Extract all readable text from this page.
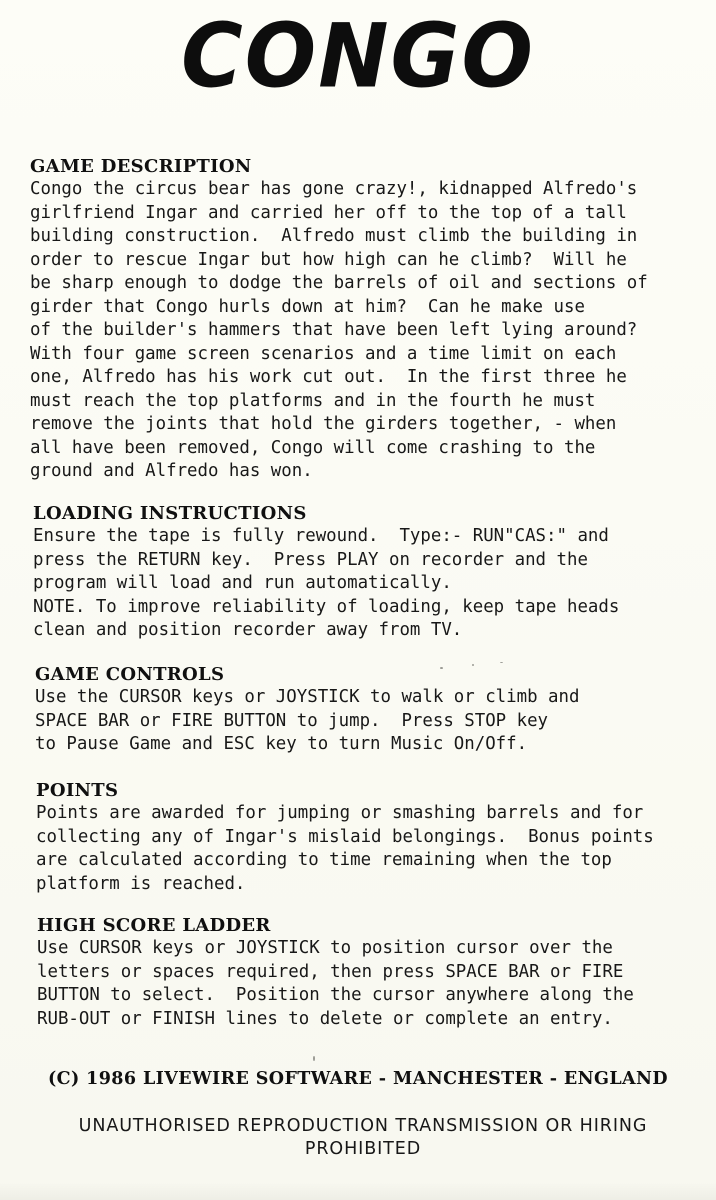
CONGO
GAME DESCRIPTION
Congo the circus bear has gone crazy!, kidnapped Alfredo's
girlfriend Ingar and carried her off to the top of a tall
building construction.  Alfredo must climb the building in
order to rescue Ingar but how high can he climb?  Will he
be sharp enough to dodge the barrels of oil and sections of
girder that Congo hurls down at him?  Can he make use
of the builder's hammers that have been left lying around?
With four game screen scenarios and a time limit on each
one, Alfredo has his work cut out.  In the first three he
must reach the top platforms and in the fourth he must
remove the joints that hold the girders together, - when
all have been removed, Congo will come crashing to the
ground and Alfredo has won.
LOADING INSTRUCTIONS
Ensure the tape is fully rewound.  Type:- RUN"CAS:" and
press the RETURN key.  Press PLAY on recorder and the
program will load and run automatically.
NOTE. To improve reliability of loading, keep tape heads
clean and position recorder away from TV.
GAME CONTROLS
Use the CURSOR keys or JOYSTICK to walk or climb and
SPACE BAR or FIRE BUTTON to jump.  Press STOP key
to Pause Game and ESC key to turn Music On/Off.
POINTS
Points are awarded for jumping or smashing barrels and for
collecting any of Ingar's mislaid belongings.  Bonus points
are calculated according to time remaining when the top
platform is reached.
HIGH SCORE LADDER
Use CURSOR keys or JOYSTICK to position cursor over the
letters or spaces required, then press SPACE BAR or FIRE
BUTTON to select.  Position the cursor anywhere along the
RUB-OUT or FINISH lines to delete or complete an entry.
(C) 1986 LIVEWIRE SOFTWARE - MANCHESTER - ENGLAND
UNAUTHORISED REPRODUCTION TRANSMISSION OR HIRING
PROHIBITED
